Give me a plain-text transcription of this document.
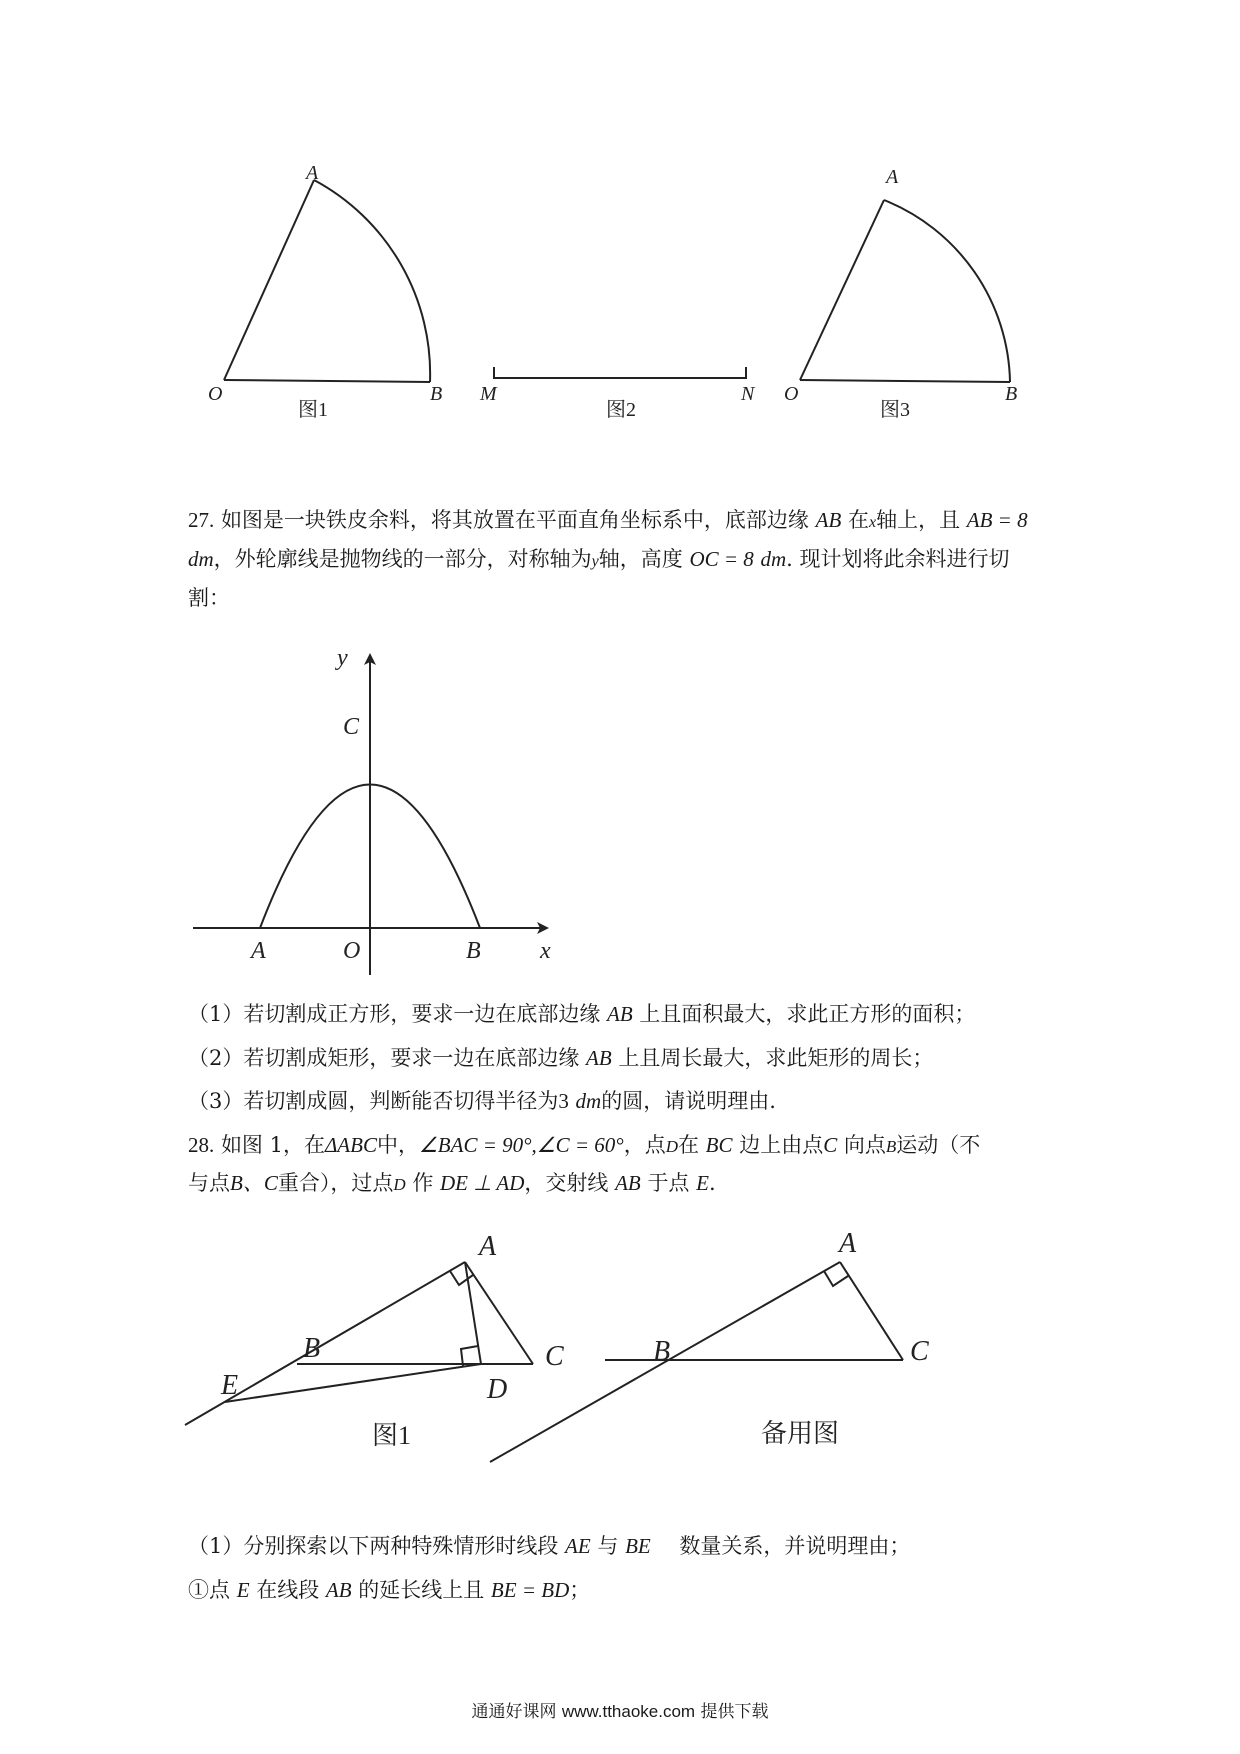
A
O	B
图1
M	N
图2
A
O	B
图3
27. 如图是一块铁皮余料，将其放置在平面直角坐标系中，底部边缘 AB 在x轴上，且 AB = 8
dm，外轮廓线是抛物线的一部分，对称轴为y轴，高度 OC = 8 dm. 现计划将此余料进行切
割：
y
C
A	O	B x
（1）若切割成正方形，要求一边在底部边缘 AB 上且面积最大，求此正方形的面积；
（2）若切割成矩形，要求一边在底部边缘 AB 上且周长最大，求此矩形的周长；
（3）若切割成圆，判断能否切得半径为3 dm的圆，请说明理由.
28. 如图 1，在ΔABC中，∠BAC = 90°,∠C = 60°，点D在 BC 边上由点C 向点B运动（不
与点B、C重合），过点D 作 DE ⊥ AD，交射线 AB 于点 E.
A
B	C
D
E
图1
A
B	C
备用图
（1）分别探索以下两种特殊情形时线段 AE 与 BE 数量关系，并说明理由；
①点 E 在线段 AB 的延长线上且 BE = BD；
通通好课网 www.tthaoke.com 提供下载
